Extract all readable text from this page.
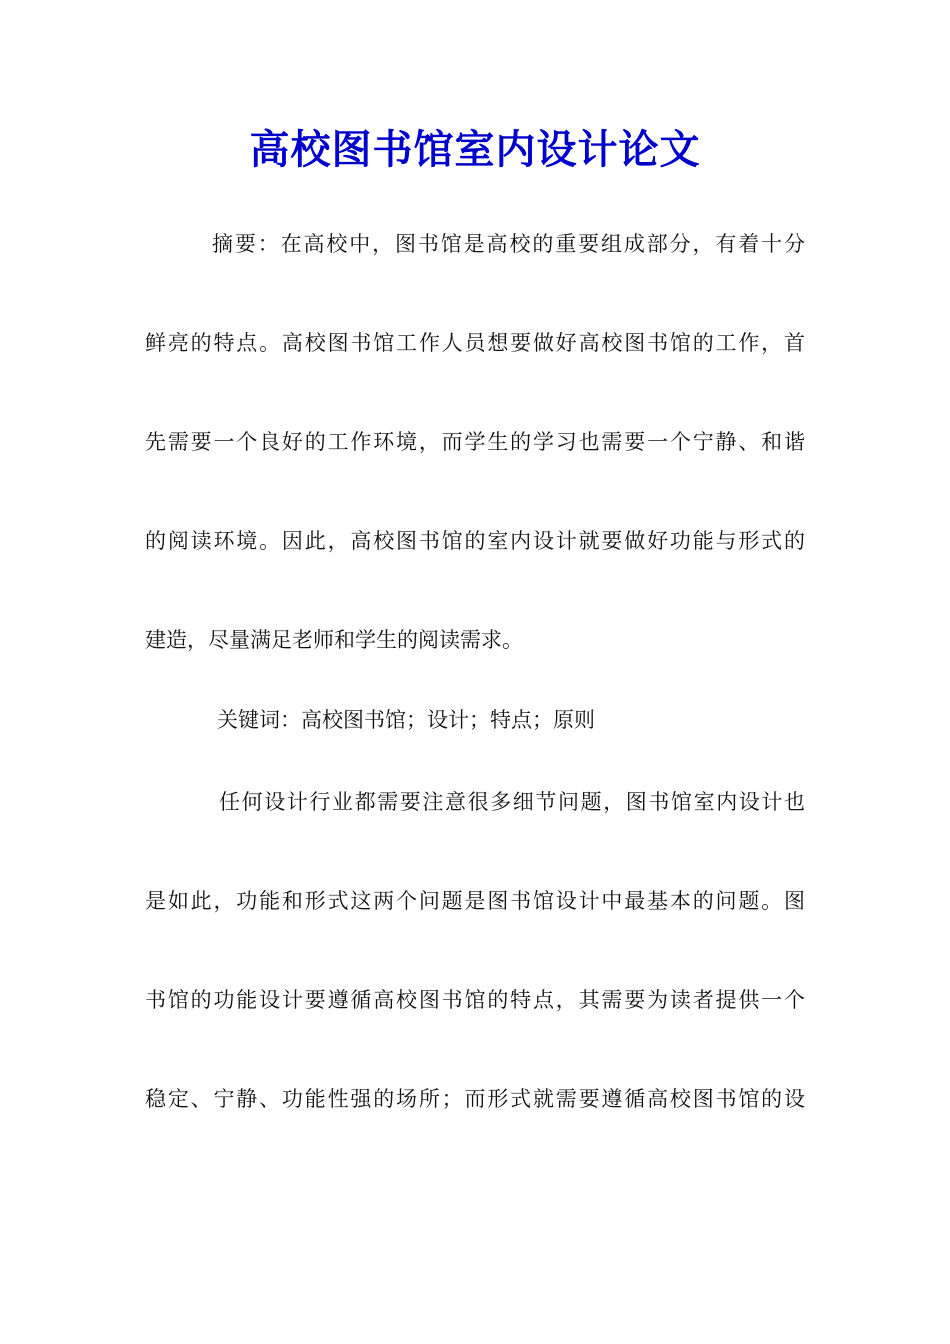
高校图书馆室内设计论文

摘要：在高校中，图书馆是高校的重要组成部分，有着十分

鲜亮的特点。高校图书馆工作人员想要做好高校图书馆的工作，首

先需要一个良好的工作环境，而学生的学习也需要一个宁静、和谐

的阅读环境。因此，高校图书馆的室内设计就要做好功能与形式的

建造，尽量满足老师和学生的阅读需求。

关键词：高校图书馆；设计；特点；原则

任何设计行业都需要注意很多细节问题，图书馆室内设计也

是如此，功能和形式这两个问题是图书馆设计中最基本的问题。图

书馆的功能设计要遵循高校图书馆的特点，其需要为读者提供一个

稳定、宁静、功能性强的场所；而形式就需要遵循高校图书馆的设
